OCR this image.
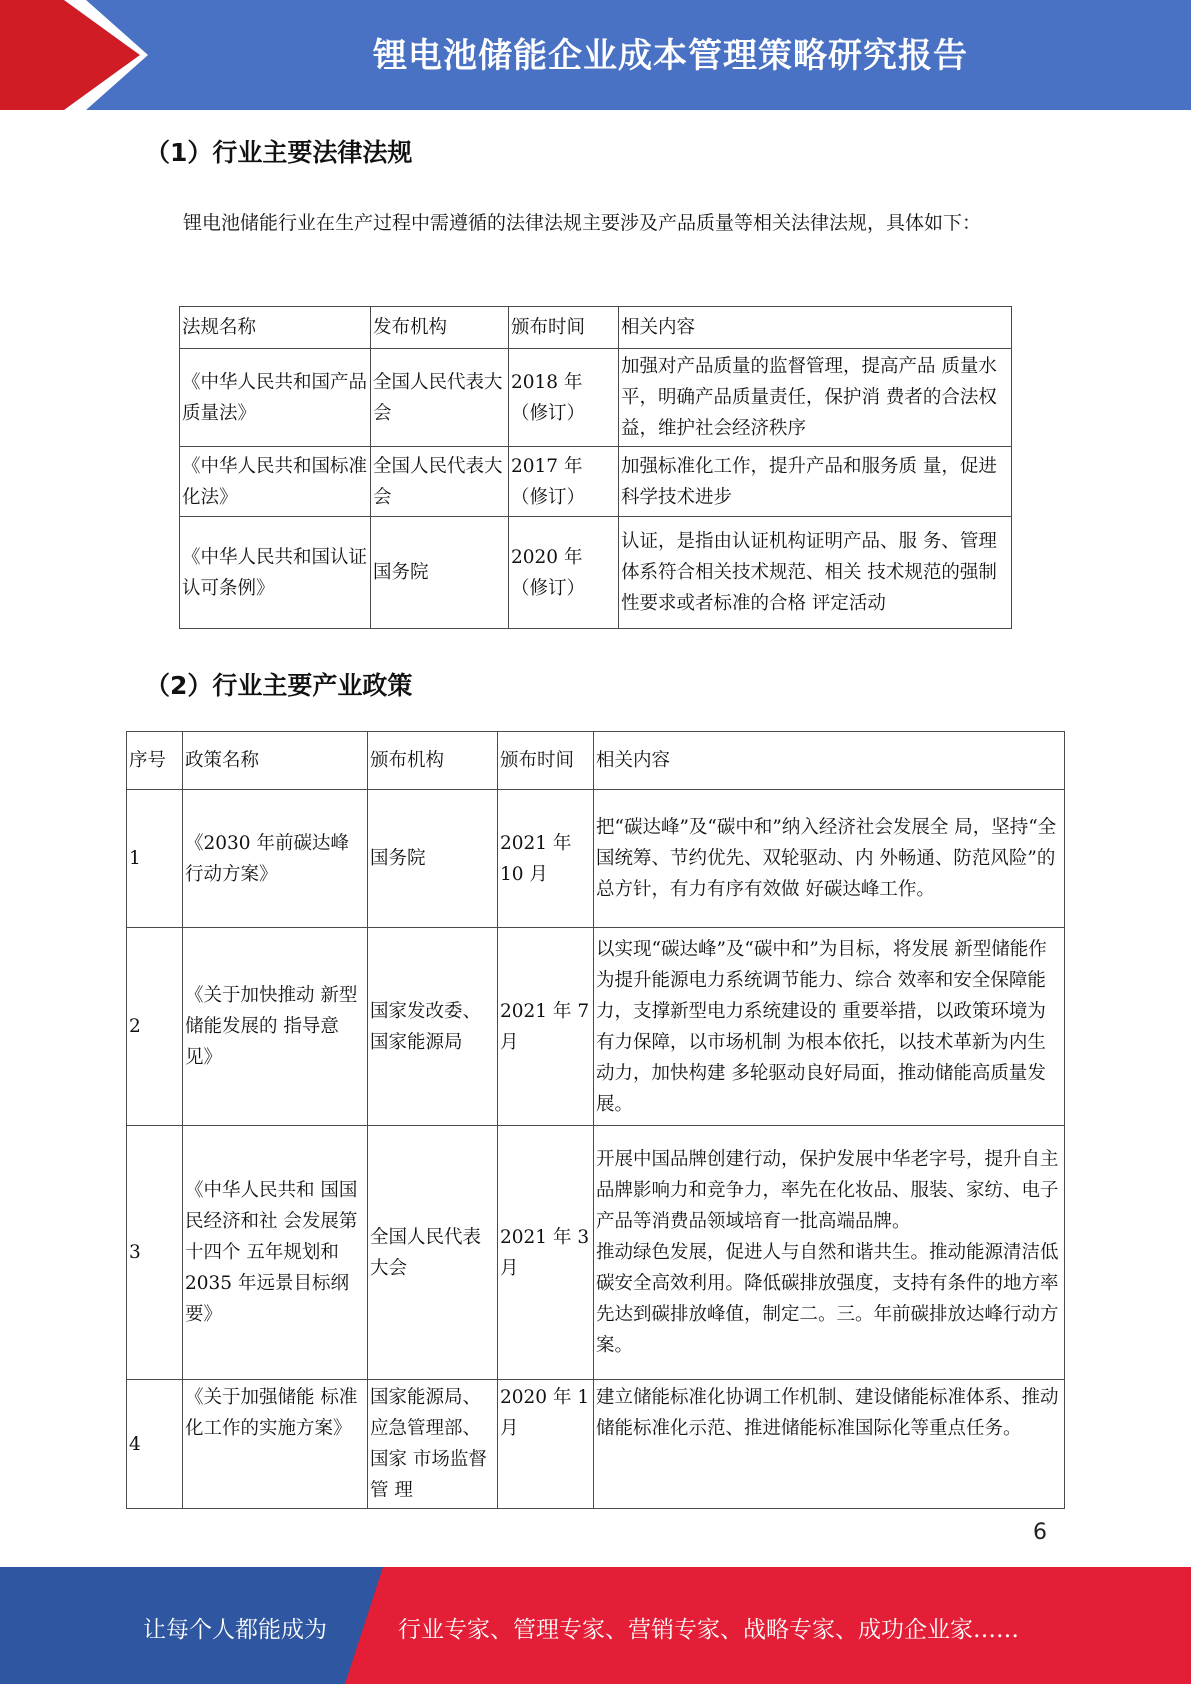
锂电池储能企业成本管理策略研究报告
（1）行业主要法律法规
锂电池储能行业在生产过程中需遵循的法律法规主要涉及产品质量等相关法律法规，具体如下：
法规名称	发布机构	颁布时间	相关内容
《中华人民共和国产品质量法》	全国人民代表大会	2018 年（修订）	加强对产品质量的监督管理，提高产品 质量水平，明确产品质量责任，保护消 费者的合法权益，维护社会经济秩序
《中华人民共和国标准化法》	全国人民代表大会	2017 年（修订）	加强标准化工作，提升产品和服务质 量，促进科学技术进步
《中华人民共和国认证认可条例》	国务院	2020 年（修订）	认证，是指由认证机构证明产品、服 务、管理体系符合相关技术规范、相关 技术规范的强制性要求或者标准的合格 评定活动
（2）行业主要产业政策
序号	政策名称	颁布机构	颁布时间	相关内容
1	《2030 年前碳达峰行动方案》	国务院	2021 年 10 月	把“碳达峰”及“碳中和”纳入经济社会发展全 局，坚持“全国统筹、节约优先、双轮驱动、内 外畅通、防范风险”的总方针，有力有序有效做 好碳达峰工作。
2	《关于加快推动 新型储能发展的 指导意见》	国家发改委、国家能源局	2021 年 7 月	以实现“碳达峰”及“碳中和”为目标，将发展 新型储能作为提升能源电力系统调节能力、综合 效率和安全保障能力，支撑新型电力系统建设的 重要举措，以政策环境为有力保障，以市场机制 为根本依托，以技术革新为内生动力，加快构建 多轮驱动良好局面，推动储能高质量发展。
3	《中华人民共和 国国民经济和社 会发展第十四个 五年规划和 2035 年远景目标纲 要》	全国人民代表大会	2021 年 3 月	开展中国品牌创建行动，保护发展中华老字号，提升自主品牌影响力和竞争力，率先在化妆品、服装、家纺、电子产品等消费品领域培育一批高端品牌。
推动绿色发展，促进人与自然和谐共生。推动能源清洁低碳安全高效利用。降低碳排放强度，支持有条件的地方率先达到碳排放峰值，制定二。三。年前碳排放达峰行动方案。
4	《关于加强储能 标准化工作的实施方案》	国家能源局、应急管理部、国家 市场监督管 理	2020 年 1 月	建立储能标准化协调工作机制、建设储能标准体系、推动储能标准化示范、推进储能标准国际化等重点任务。
6
让每个人都能成为	行业专家、管理专家、营销专家、战略专家、成功企业家……
